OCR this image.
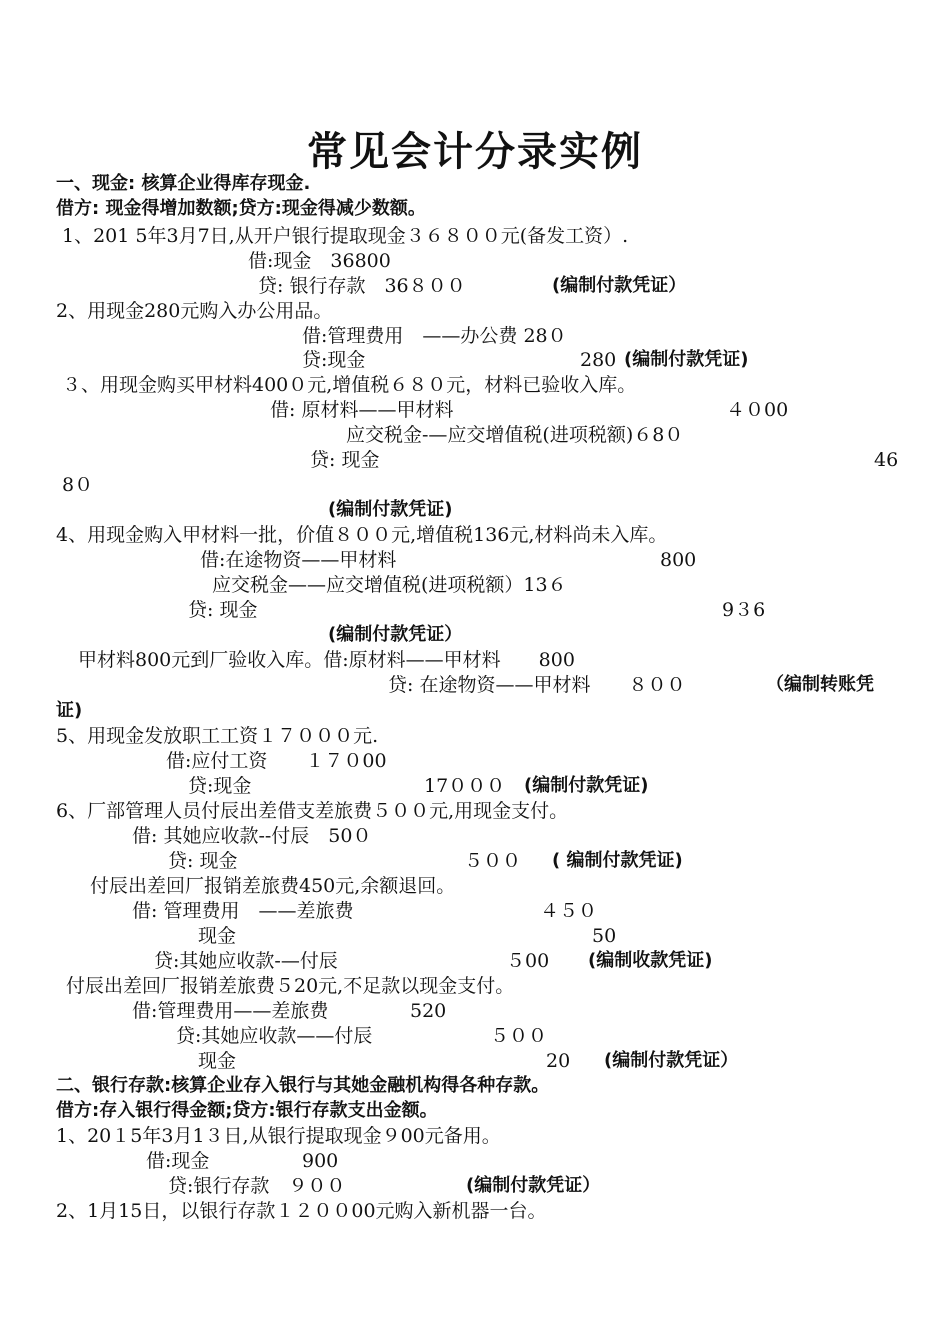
常见会计分录实例
一、现金: 核算企业得库存现金.
借方: 现金得增加数额;贷方:现金得减少数额。
1、201 5年3月7日,从开户银行提取现金３６８００元(备发工资）.
借:现金　36800
贷: 银行存款　36８００	(编制付款凭证）
2、用现金280元购入办公用品。
借:管理费用　——办公费 28０
贷:现金	280 (编制付款凭证)
３、用现金购买甲材料400０元,增值税６８０元，材料已验收入库。
借: 原材料——甲材料	４０00
应交税金-—应交增值税(进项税额)６8０
贷: 现金	46
8０
(编制付款凭证)
4、用现金购入甲材料一批，价值８００元,增值税136元,材料尚未入库。
借:在途物资——甲材料	800
应交税金——应交增值税(进项税额）13６
贷: 现金	9３6
(编制付款凭证）
甲材料800元到厂验收入库。借:原材料——甲材料　　800
贷: 在途物资——甲材料　　８００	（编制转账凭
证)
5、用现金发放职工工资１７０００元.
借:应付工资　　１７０00
贷:现金	17０００ (编制付款凭证)
6、厂部管理人员付辰出差借支差旅费５００元,用现金支付。
借: 其她应收款--付辰　50０
贷: 现金	５００ ( 编制付款凭证)
付辰出差回厂报销差旅费450元,余额退回。
借: 管理费用　——差旅费	４５０
现金	50
贷:其她应收款-—付辰	５00 (编制收款凭证)
付辰出差回厂报销差旅费５20元,不足款以现金支付。
借:管理费用——差旅费	520
贷:其她应收款——付辰	５００
现金	20 (编制付款凭证）
二、银行存款:核算企业存入银行与其她金融机构得各种存款。
借方:存入银行得金额;贷方:银行存款支出金额。
1、20１5年3月1３日,从银行提取现金９00元备用。
借:现金	900
贷:银行存款　９００	(编制付款凭证）
2、1月15日，以银行存款１２００00元购入新机器一台。
